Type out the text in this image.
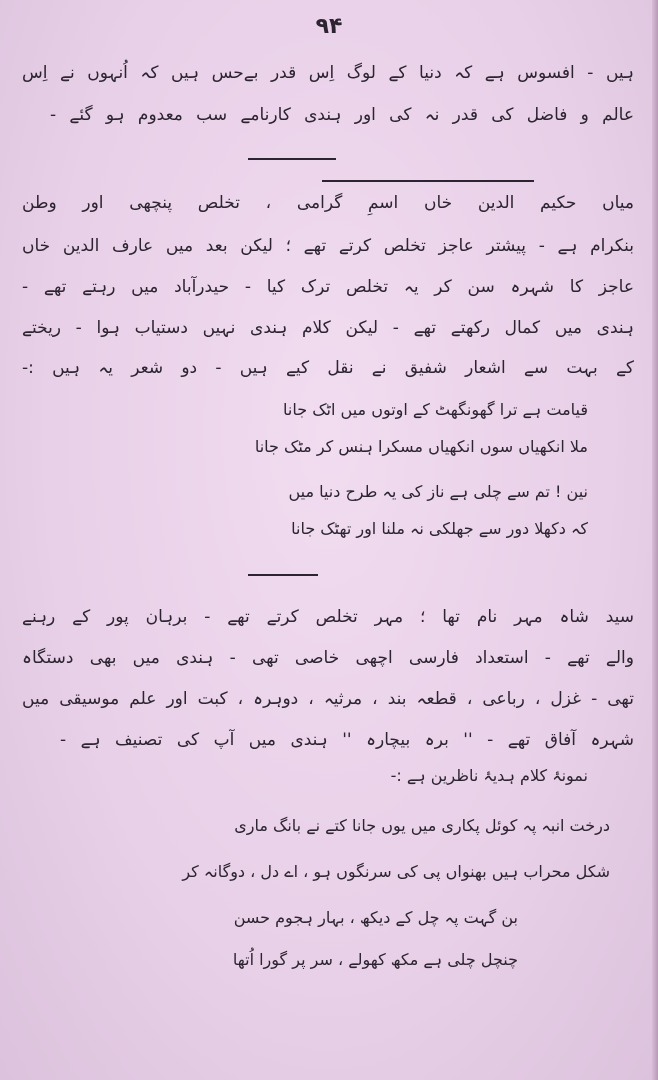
۹۴
ہیں - افسوس ہے کہ دنیا کے لوگ اِس قدر بےحس ہیں کہ اُنہوں نے اِس
عالم و فاضل کی قدر نہ کی اور ہندی کارنامے سب معدوم ہو گئے -
میاں حکیم الدین خاں اسمِ گرامی ، تخلص پنچھی اور وطن
بنکرام ہے - پیشتر عاجز تخلص کرتے تھے ؛ لیکن بعد میں عارف الدین خاں
عاجز کا شہرہ سن کر یہ تخلص ترک کیا - حیدرآباد میں رہتے تھے -
ہندی میں کمال رکھتے تھے - لیکن کلام ہندی نہیں دستیاب ہوا - ریختے
کے بہت سے اشعار شفیق نے نقل کیے ہیں - دو شعر یہ ہیں :-
قیامت ہے ترا گھونگھٹ کے اوتوں میں اٹک جانا
ملا انکھیاں سوں انکھیاں مسکرا ہنس کر مٹک جانا
نین ! تم سے چلی ہے ناز کی یہ طرح دنیا میں
کہ دکھلا دور سے جھلکی نہ ملنا اور تھٹک جانا
سید شاہ مہر نام تھا ؛ مہر تخلص کرتے تھے - برہان پور کے رہنے
والے تھے - استعداد فارسی اچھی خاصی تھی - ہندی میں بھی دستگاہ
تھی - غزل ، رباعی ، قطعہ بند ، مرثیہ ، دوہرہ ، کبت اور علم موسیقی میں
شہرہ آفاق تھے - '' برہ بیچارہ '' ہندی میں آپ کی تصنیف ہے -
نمونۂ کلام ہدیۂ ناظرین ہے :-
درخت انبہ پہ کوئل پکاری میں یوں جانا کتے نے بانگ ماری
شکل محراب ہیں بھنواں پی کی سرنگوں ہو ، اے دل ، دوگانہ کر
بن گہت پہ چل کے دیکھ ، بہار ہجوم حسن
چنچل چلی ہے مکھ کھولے ، سر پر گورا اُتھا
